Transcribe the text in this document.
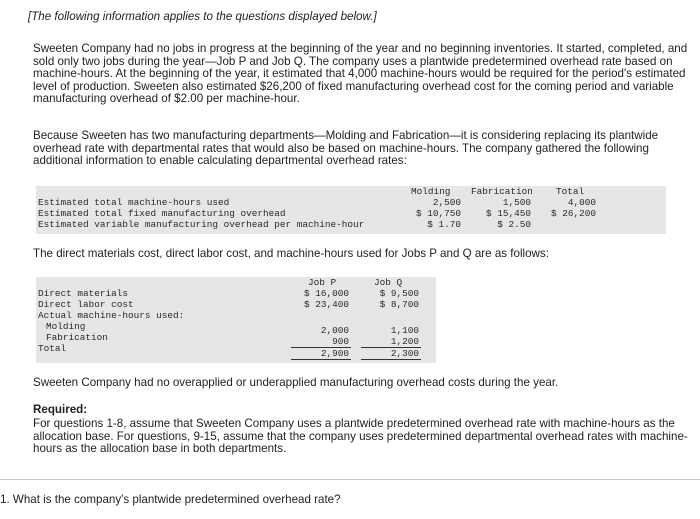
[The following information applies to the questions displayed below.]
Sweeten Company had no jobs in progress at the beginning of the year and no beginning inventories. It started, completed, and sold only two jobs during the year—Job P and Job Q. The company uses a plantwide predetermined overhead rate based on machine-hours. At the beginning of the year, it estimated that 4,000 machine-hours would be required for the period's estimated level of production. Sweeten also estimated $26,200 of fixed manufacturing overhead cost for the coming period and variable manufacturing overhead of $2.00 per machine-hour.
Because Sweeten has two manufacturing departments—Molding and Fabrication—it is considering replacing its plantwide overhead rate with departmental rates that would also be based on machine-hours. The company gathered the following additional information to enable calculating departmental overhead rates:
Molding Fabrication Total
Estimated total machine-hours used	2,500	1,500	4,000
Estimated total fixed manufacturing overhead	$ 10,750	$ 15,450	$ 26,200
Estimated variable manufacturing overhead per machine-hour	$ 1.70	$ 2.50
The direct materials cost, direct labor cost, and machine-hours used for Jobs P and Q are as follows:
Job P	Job Q
Direct materials	$ 16,000	$ 9,500
Direct labor cost	$ 23,400	$ 8,700
Actual machine-hours used:
Molding	2,000	1,100
Fabrication	900	1,200
Total	2,900	2,300
Sweeten Company had no overapplied or underapplied manufacturing overhead costs during the year.
Required:
For questions 1-8, assume that Sweeten Company uses a plantwide predetermined overhead rate with machine-hours as the allocation base. For questions, 9-15, assume that the company uses predetermined departmental overhead rates with machine-hours as the allocation base in both departments.
1. What is the company's plantwide predetermined overhead rate?
